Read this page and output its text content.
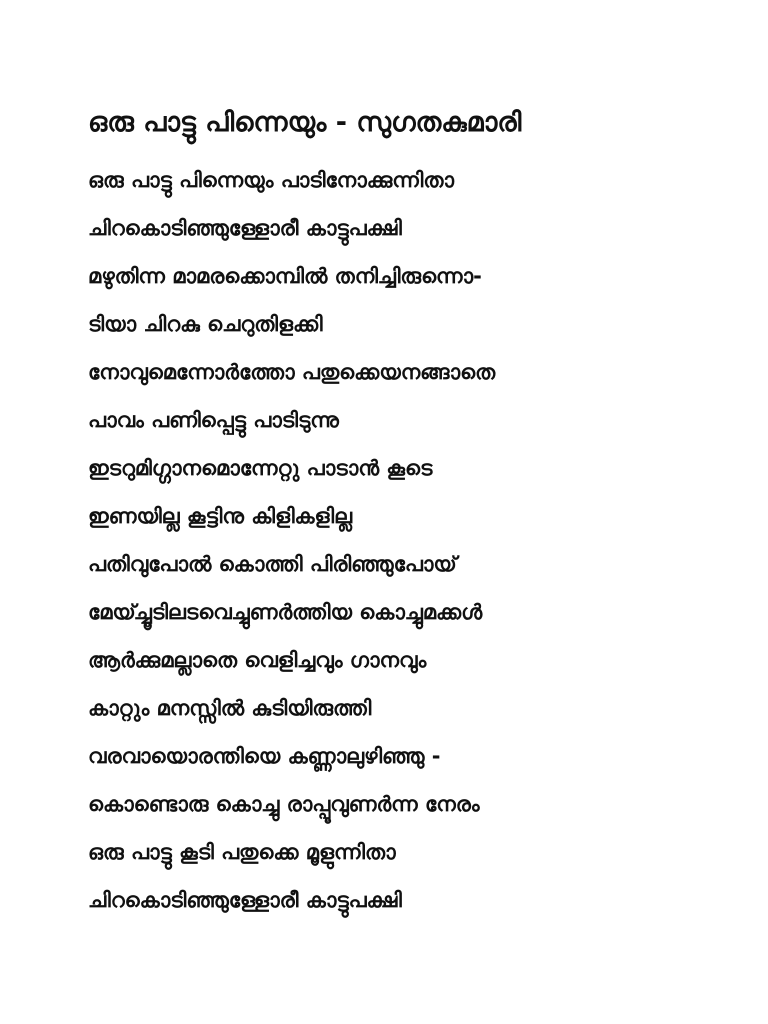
ഒരു പാട്ടു പിന്നെയും - സുഗതകുമാരി
ഒരു പാട്ടു പിന്നെയും പാടിനോക്കുന്നിതാ
ചിറകൊടിഞ്ഞുള്ളോരീ കാട്ടുപക്ഷി
മഴുതിന്ന മാമരക്കൊമ്പിൽ തനിച്ചിരുന്നൊ-
ടിയാ ചിറകു ചെറുതിളക്കി
നോവുമെന്നോർത്തോ പതുക്കെയനങ്ങാതെ
പാവം പണിപ്പെട്ടു പാടിടുന്നു
ഇടറുമിഗ്ഗാനമൊന്നേറ്റു പാടാൻ കൂടെ
ഇണയില്ല കൂട്ടിനു കിളികളില്ല
പതിവുപോൽ കൊത്തി പിരിഞ്ഞുപോയ്
മേയ്ച്ചൂടിലടവെച്ചുണർത്തിയ കൊച്ചുമക്കൾ
ആർക്കുമല്ലാതെ വെളിച്ചവും ഗാനവും
കാറ്റും മനസ്സിൽ കുടിയിരുത്തി
വരവായൊരന്തിയെ കണ്ണാലുഴിഞ്ഞു -
കൊണ്ടൊരു കൊച്ചു രാപ്പൂവുണർന്ന നേരം
ഒരു പാട്ടു കൂടി പതുക്കെ മൂളുന്നിതാ
ചിറകൊടിഞ്ഞുള്ളോരീ കാട്ടുപക്ഷി
